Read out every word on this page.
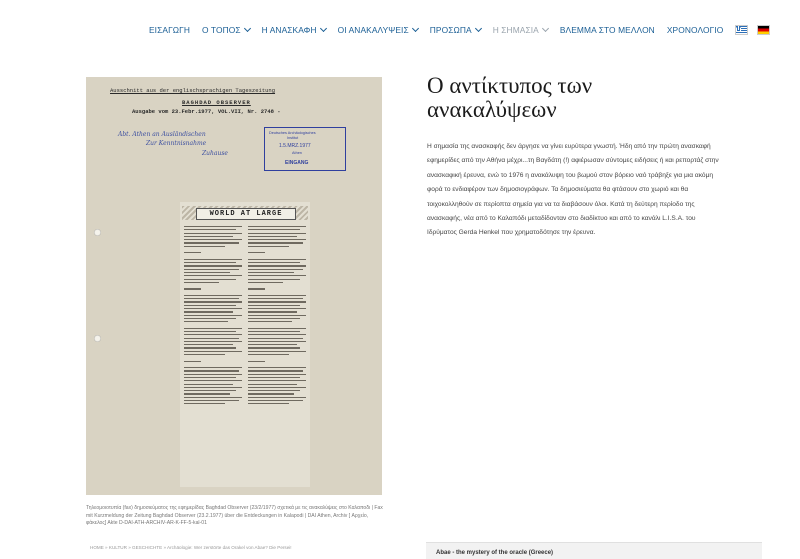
ΕΙΣΑΓΩΓΗ Ο ΤΟΠΟΣ	Η ΑΝΑΣΚΑΦΗ	ΟΙ ΑΝΑΚΑΛΥΨΕΙΣ	ΠΡΟΣΩΠΑ	Η ΣΗΜΑΣΙΑ	ΒΛΕΜΜΑ ΣΤΟ ΜΕΛΛΟΝ ΧΡΟΝΟΛΟΓΙΟ
Ausschnitt aus der englischsprachigen Tageszeitung
BAGHDAD OBSERVER
Ausgabe vom 23.Febr.1977, VOL.VII, Nr. 2748 -
Abt. Athen an Ausländischen
Zur Kenntnisnahme
Zuhause
Deutsches Archäologisches
Institut
1.5.MRZ.1977
Athen
EINGANG
WORLD AT LARGE
Τηλεομοιοτυπία (fax) δημοσιεύματος της εφημερίδας Baghdad Observer (23/2/1977) σχετικά με τις ανακαλύψεις στο Καλαποδι | Fax mit Kurzmeldung der Zeitung Baghdad Observer (23.2.1977) über die Entdeckungen in Kalapodi | DAI Athen, Archiv [ Αρχείο, φάκελος] Akte D-DAI-ATH-ARCHIV-AR-K-FF-5-kal-01
Ο αντίκτυπος των ανακαλύψεων

Η σημασία της ανασκαφής δεν άργησε να γίνει ευρύτερα γνωστή. Ήδη από την πρώτη ανασκαφή εφημερίδες από την Αθήνα μέχρι...τη Βαγδάτη (!) αφιέρωσαν σύντομες ειδήσεις ή και ρεπορτάζ στην ανασκαφική έρευνα, ενώ το 1976 η ανακάλυψη του βωμού στον βόρειο ναό τράβηξε για μια ακόμη φορά το ενδιαφέρον των δημοσιογράφων. Τα δημοσιεύματα θα φτάσουν στο χωριό και θα τοιχοκολληθούν σε περίοπτα σημεία για να τα διαβάσουν όλοι. Κατά τη δεύτερη περίοδο της ανασκαφής, νέα από το Καλαπόδι μεταδίδονταν στο διαδίκτυο και από το κανάλι L.I.S.A. του Ιδρύματος Gerda Henkel που χρηματοδότησε την έρευνα.

HOME » KULTUR » GESCHICHTE » Archäologie: Wer zerstörte das Orakel von Abae? Die Persei!
Abae - the mystery of the oracle (Greece)
